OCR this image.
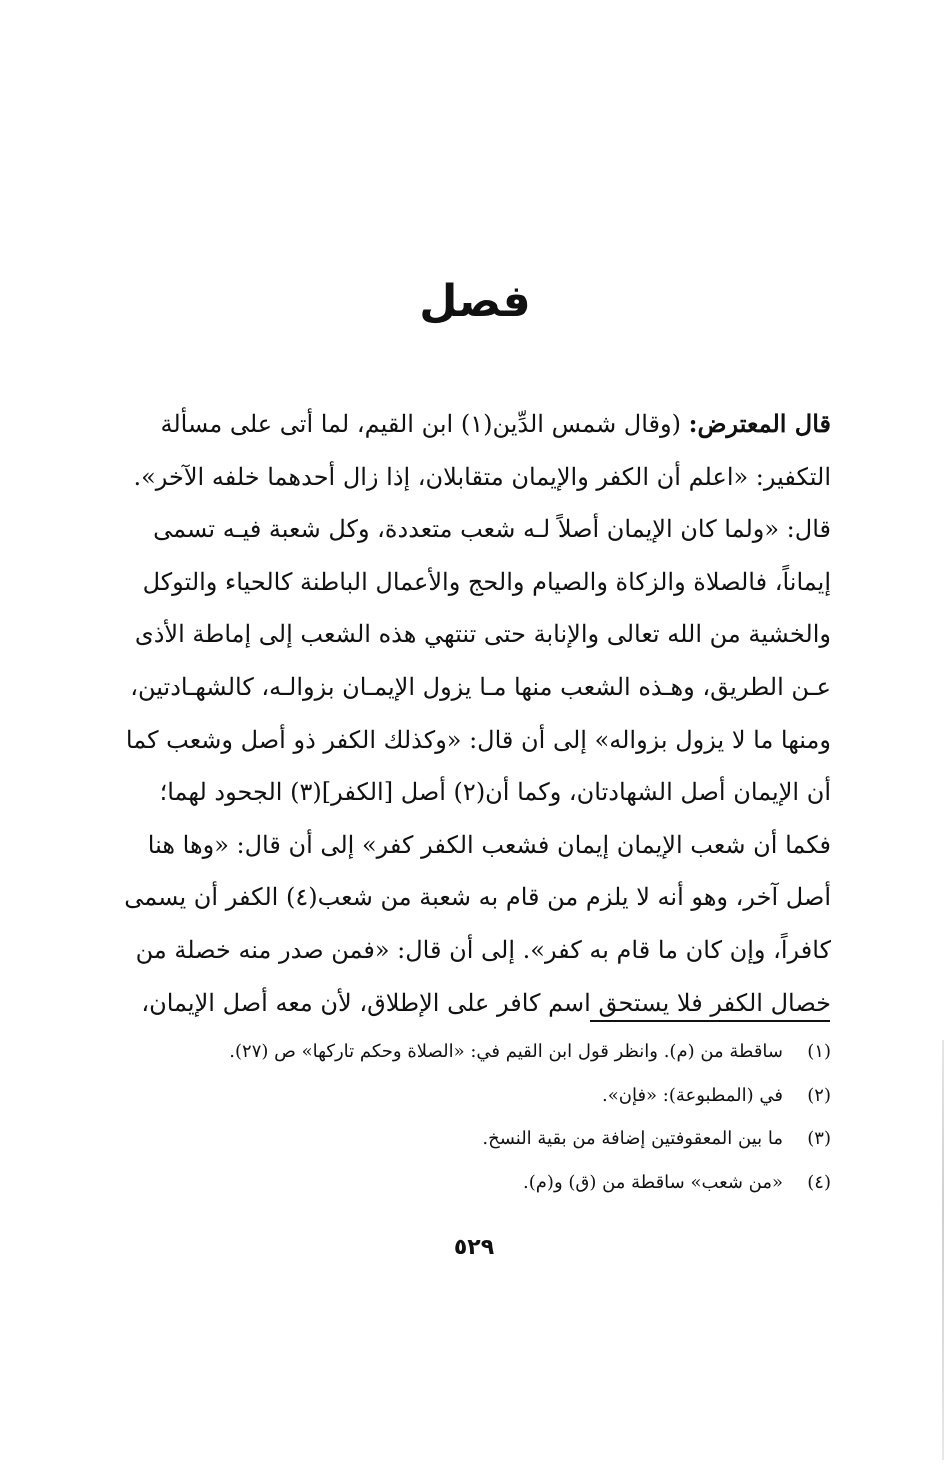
فصل
قال المعترض: (وقال شمس الدِّين(١) ابن القيم، لما أتى على مسألة
التكفير: «اعلم أن الكفر والإيمان متقابلان، إذا زال أحدهما خلفه الآخر».
قال: «ولما كان الإيمان أصلاً لـه شعب متعددة، وكل شعبة فيـه تسمى
إيماناً، فالصلاة والزكاة والصيام والحج والأعمال الباطنة كالحياء والتوكل
والخشية من الله تعالى والإنابة حتى تنتهي هذه الشعب إلى إماطة الأذى
عـن الطريق، وهـذه الشعب منها مـا يزول الإيمـان بزوالـه، كالشهـادتين،
ومنها ما لا يزول بزواله» إلى أن قال: «وكذلك الكفر ذو أصل وشعب كما
أن الإيمان أصل الشهادتان، وكما أن(٢) أصل [الكفر](٣) الجحود لهما؛
فكما أن شعب الإيمان إيمان فشعب الكفر كفر» إلى أن قال: «وها هنا
أصل آخر، وهو أنه لا يلزم من قام به شعبة من شعب(٤) الكفر أن يسمى
كافراً، وإن كان ما قام به كفر». إلى أن قال: «فمن صدر منه خصلة من
خصال الكفر فلا يستحق اسم كافر على الإطلاق، لأن معه أصل الإيمان،
(١)ساقطة من (م). وانظر قول ابن القيم في: «الصلاة وحكم تاركها» ص (٢٧).
(٢)في (المطبوعة): «فإن».
(٣)ما بين المعقوفتين إضافة من بقية النسخ.
(٤)«من شعب» ساقطة من (ق) و(م).
٥٢٩
